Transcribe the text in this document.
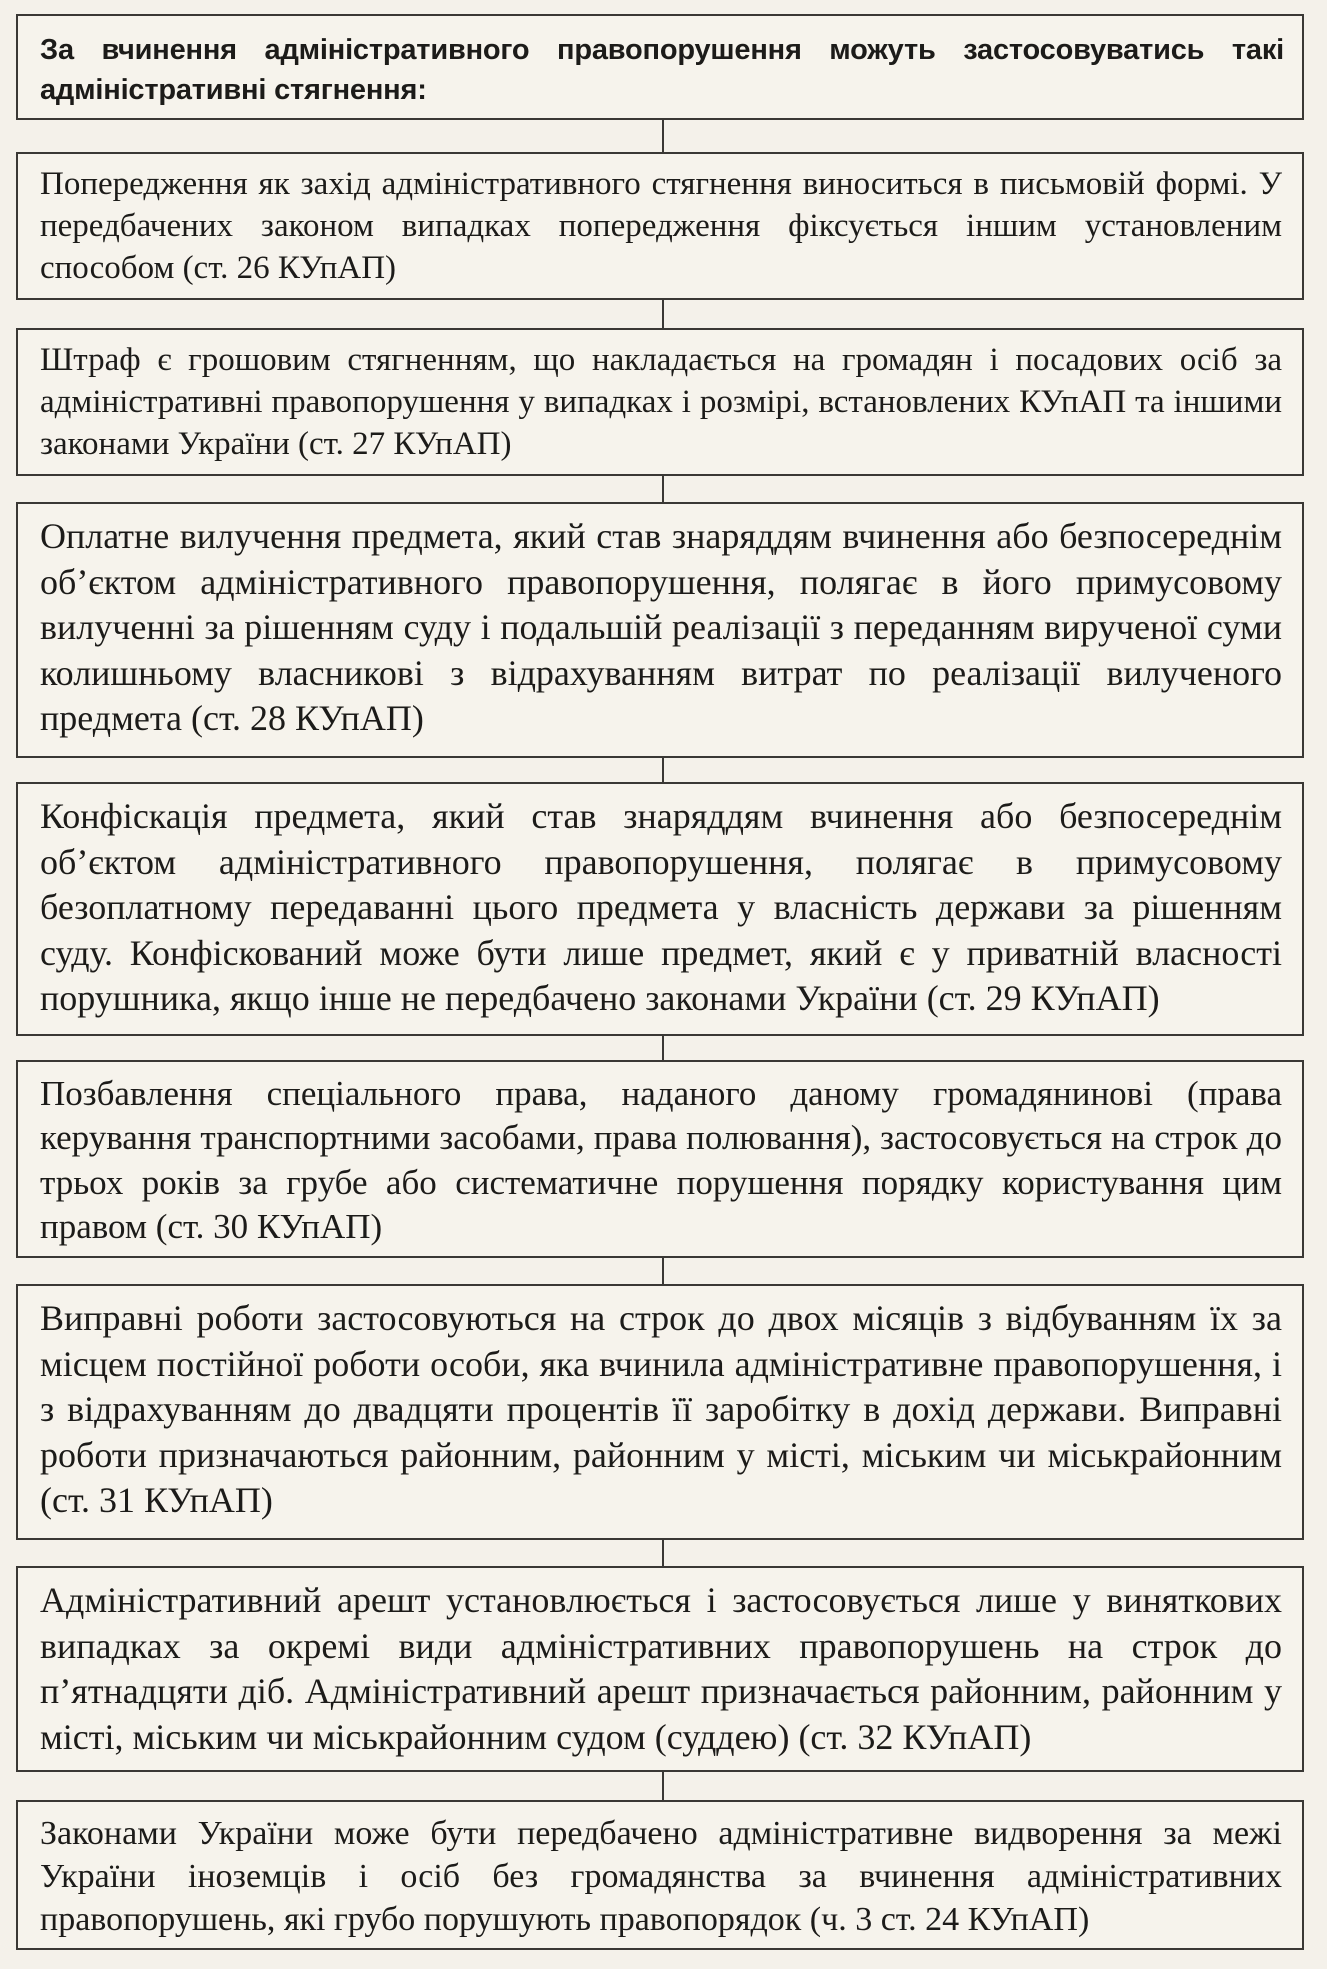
За вчинення адміністративного правопорушення можуть застосовуватись такі адміністративні стягнення:
Попередження як захід адміністративного стягнення виноситься в письмовій формі. У передбачених законом випадках попередження фіксується іншим установленим способом (ст. 26 КУпАП)
Штраф є грошовим стягненням, що накладається на громадян і посадових осіб за адміністративні правопорушення у випадках і розмірі, встановлених КУпАП та іншими законами України (ст. 27 КУпАП)
Оплатне вилучення предмета, який став знаряддям вчинення або безпосереднім об’єктом адміністративного правопорушення, полягає в його примусовому вилученні за рішенням суду і подальшій реалізації з переданням вирученої суми колишньому власникові з відрахуванням витрат по реалізації вилученого предмета (ст. 28 КУпАП)
Конфіскація предмета, який став знаряддям вчинення або безпосереднім об’єктом адміністративного правопорушення, полягає в примусовому безоплатному передаванні цього предмета у власність держави за рішенням суду. Конфіскований може бути лише предмет, який є у приватній власності порушника, якщо інше не передбачено законами України (ст. 29 КУпАП)
Позбавлення спеціального права, наданого даному громадянинові (права керування транспортними засобами, права полювання), застосовується на строк до трьох років за грубе або систематичне порушення порядку користування цим правом (ст. 30 КУпАП)
Виправні роботи застосовуються на строк до двох місяців з відбуванням їх за місцем постійної роботи особи, яка вчинила адміністративне правопорушення, і з відрахуванням до двадцяти процентів її заробітку в дохід держави. Виправні роботи призначаються районним, районним у місті, міським чи міськрайонним (ст. 31 КУпАП)
Адміністративний арешт установлюється і застосовується лише у виняткових випадках за окремі види адміністративних правопорушень на строк до п’ятнадцяти діб. Адміністративний арешт призначається районним, районним у місті, міським чи міськрайонним судом (суддею) (ст. 32 КУпАП)
Законами України може бути передбачено адміністративне видворення за межі України іноземців і осіб без громадянства за вчинення адміністративних правопорушень, які грубо порушують правопорядок (ч. 3 ст. 24 КУпАП)
